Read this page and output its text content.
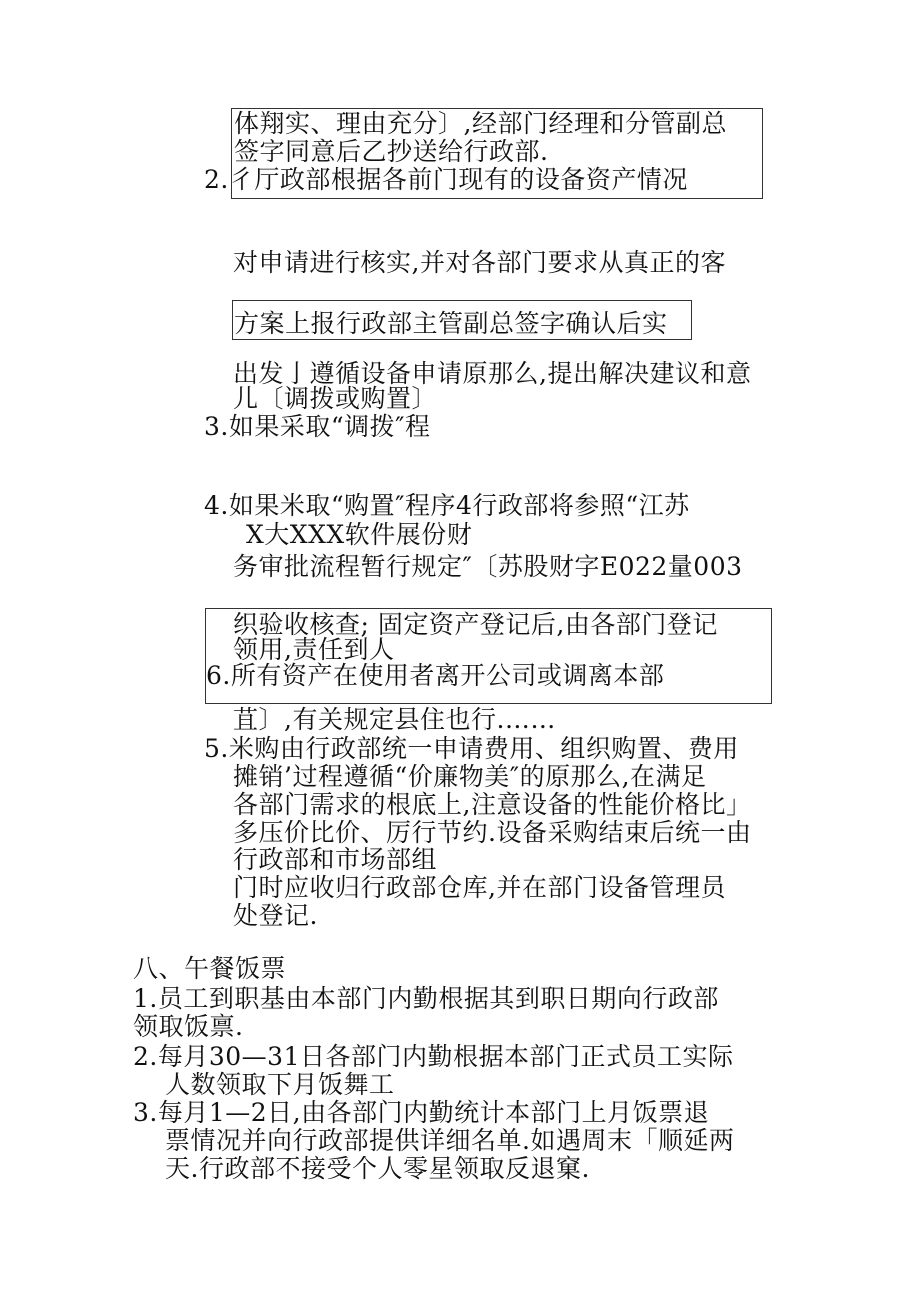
体翔实、理由充分〕,经部门经理和分管副总
签字同意后乙抄送给行政部.
2.彳厅政部根据各前门现有的设备资产情况
对申请进行核实,并对各部门要求从真正的客
方案上报行政部主管副总签字确认后实
出发亅遵循设备申请原那么,提出解决建议和意
儿〔调拨或购置〕
3.如果采取“调拨″程
4.如果米取“购置″程序4行政部将参照“江苏
X大XXX软件展份财
务审批流程暂行规定″〔苏股财字E022量003
织验收核查; 固定资产登记后,由各部门登记
领用,责任到人
6.所有资产在使用者离开公司或调离本部
苴〕,有关规定县住也行.……
5.米购由行政部统一申请费用、组织购置、费用
摊销’过程遵循“价廉物美″的原那么,在满足
各部门需求的根底上,注意设备的性能价格比」
多压价比价、厉行节约.设备采购结束后统一由
行政部和市场部组
门时应收归行政部仓库,并在部门设备管理员
处登记.
八、午餐饭票
1.员工到职基由本部门内勤根据其到职日期向行政部
领取饭禀.
2.每月30—31日各部门内勤根据本部门正式员工实际
人数领取下月饭舞工
3.每月1—2日,由各部门内勤统计本部门上月饭票退
票情况并向行政部提供详细名单.如遇周末「顺延两
天.行政部不接受个人零星领取反退窠.
